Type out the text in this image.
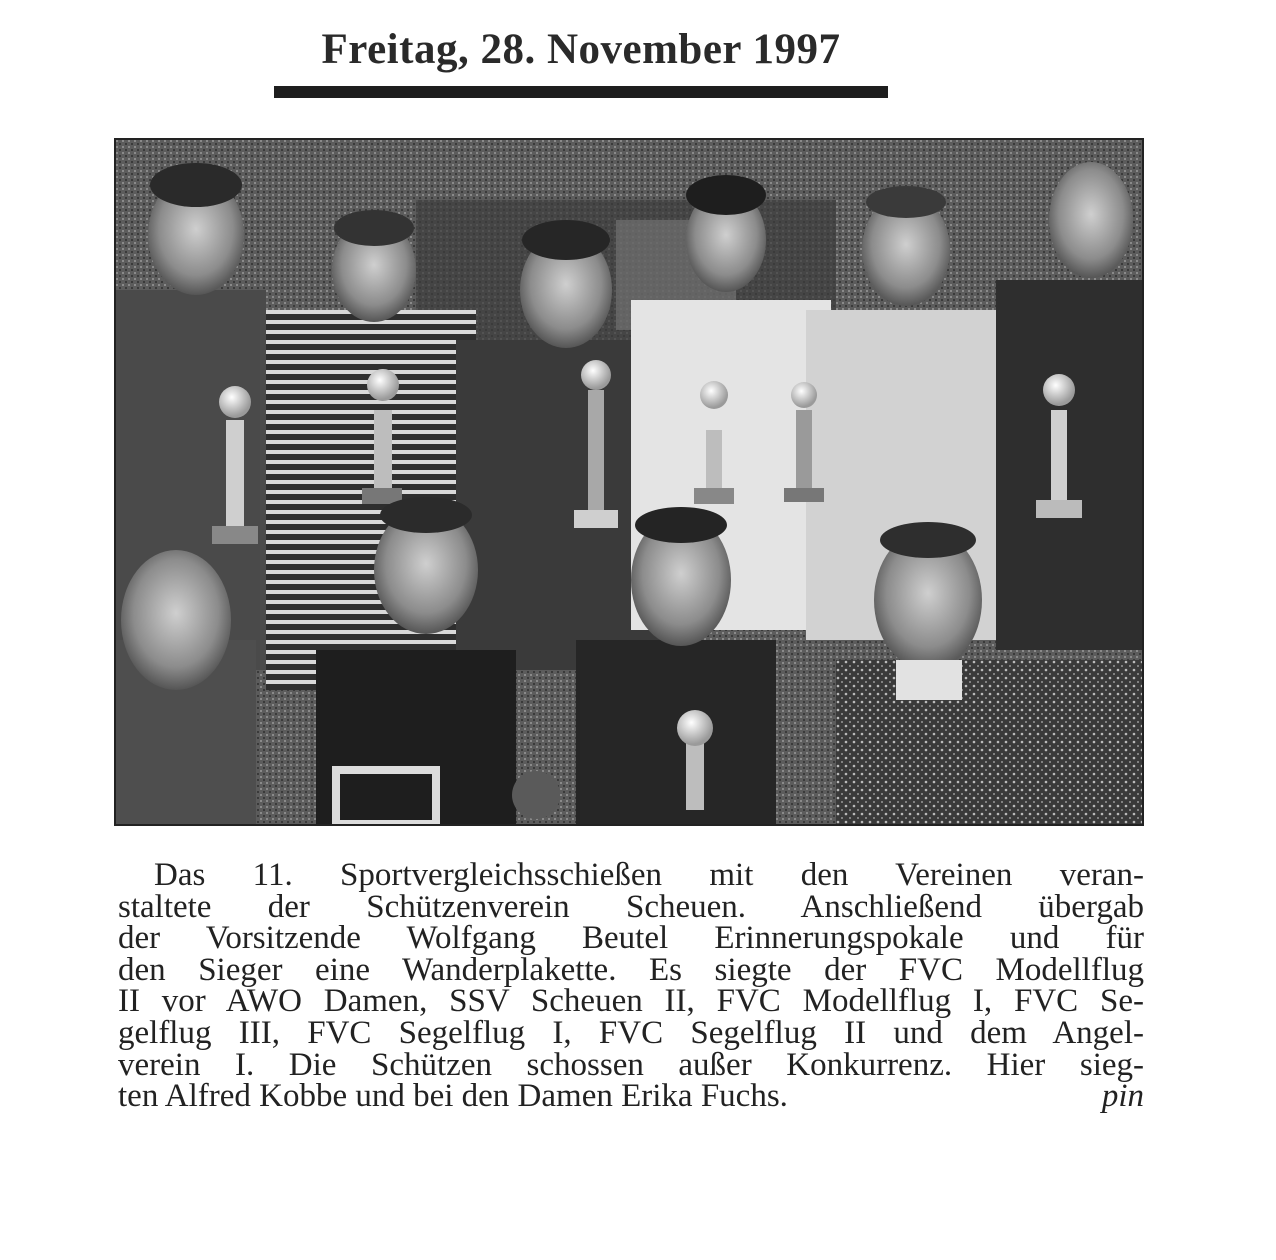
Freitag, 28. November 1997

Das 11. Sportvergleichsschießen mit den Vereinen veran-
staltete der Schützenverein Scheuen. Anschließend übergab
der Vorsitzende Wolfgang Beutel Erinnerungspokale und für
den Sieger eine Wanderplakette. Es siegte der FVC Modellflug
II vor AWO Damen, SSV Scheuen II, FVC Modellflug I, FVC Se-
gelflug III, FVC Segelflug I, FVC Segelflug II und dem Angel-
verein I. Die Schützen schossen außer Konkurrenz. Hier sieg-
ten Alfred Kobbe und bei den Damen Erika Fuchs.	pin
